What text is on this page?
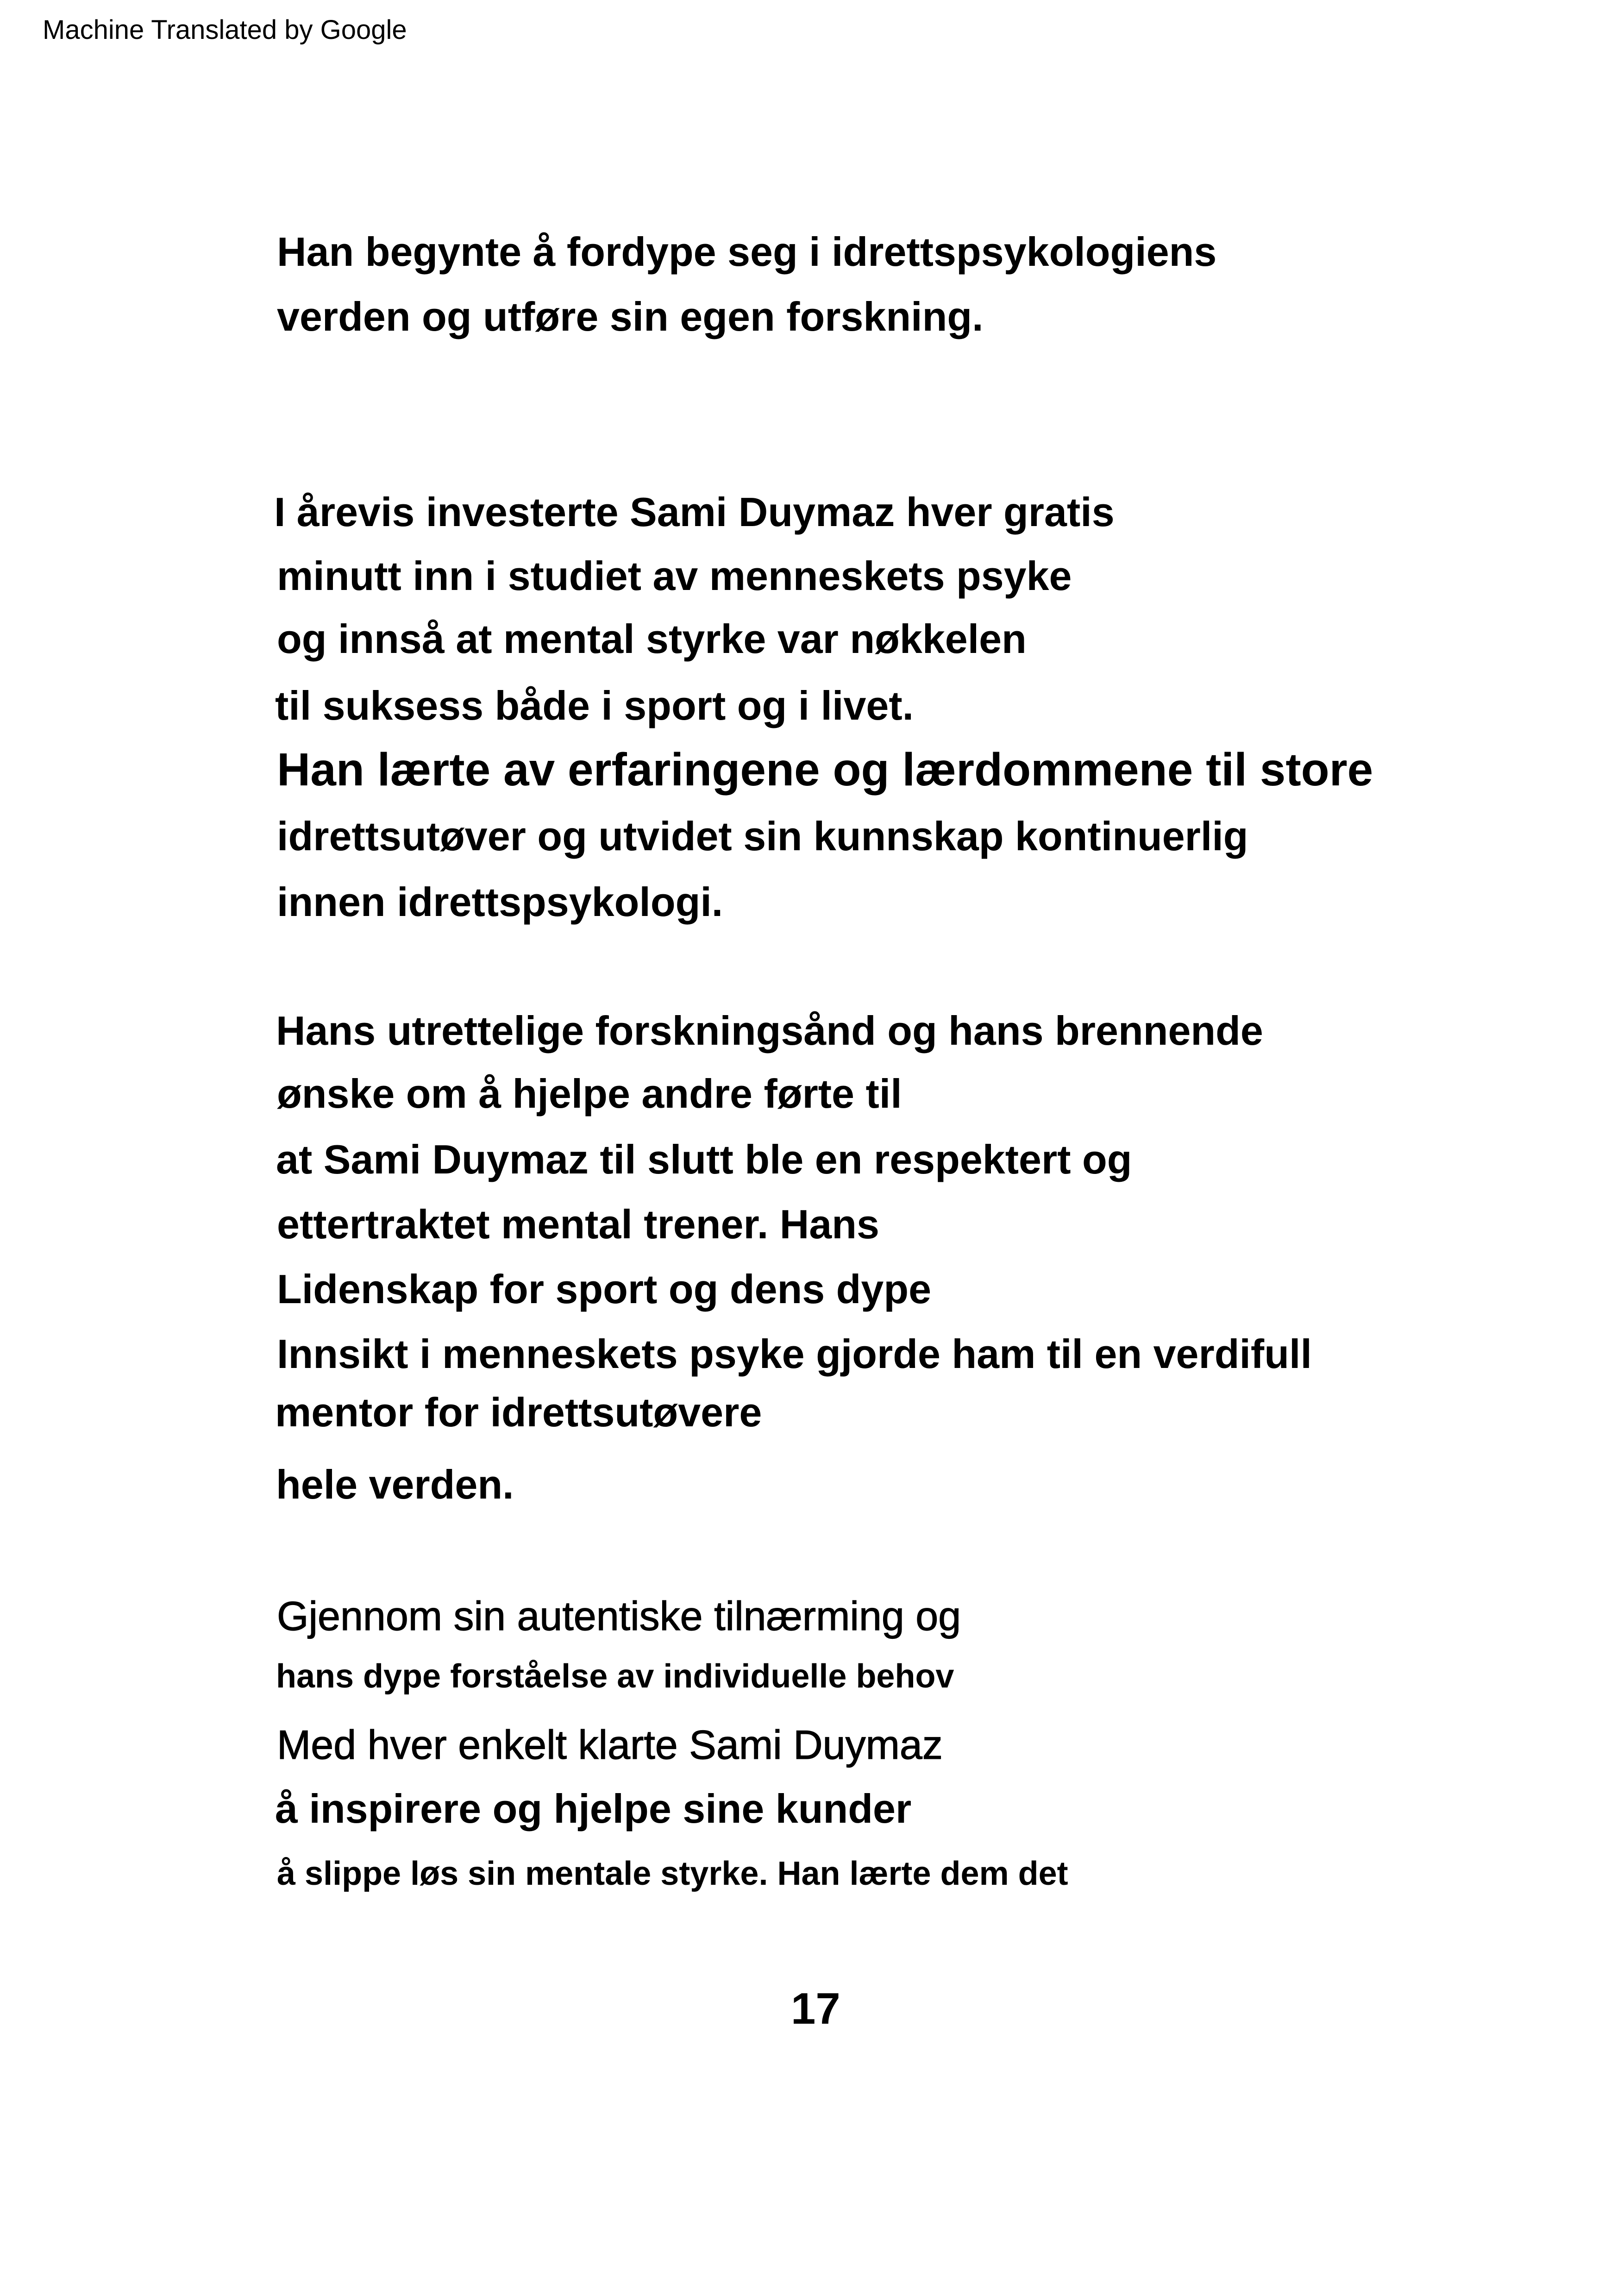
Machine Translated by Google
Han begynte å fordype seg i idrettspsykologiens
verden og utføre sin egen forskning.
I årevis investerte Sami Duymaz hver gratis
minutt inn i studiet av menneskets psyke
og innså at mental styrke var nøkkelen
til suksess både i sport og i livet.
Han lærte av erfaringene og lærdommene til store
idrettsutøver og utvidet sin kunnskap kontinuerlig
innen idrettspsykologi.
Hans utrettelige forskningsånd og hans brennende
ønske om å hjelpe andre førte til
at Sami Duymaz til slutt ble en respektert og
ettertraktet mental trener. Hans
Lidenskap for sport og dens dype
Innsikt i menneskets psyke gjorde ham til en verdifull
mentor for idrettsutøvere
hele verden.
Gjennom sin autentiske tilnærming og
hans dype forståelse av individuelle behov
Med hver enkelt klarte Sami Duymaz
å inspirere og hjelpe sine kunder
å slippe løs sin mentale styrke. Han lærte dem det
17
